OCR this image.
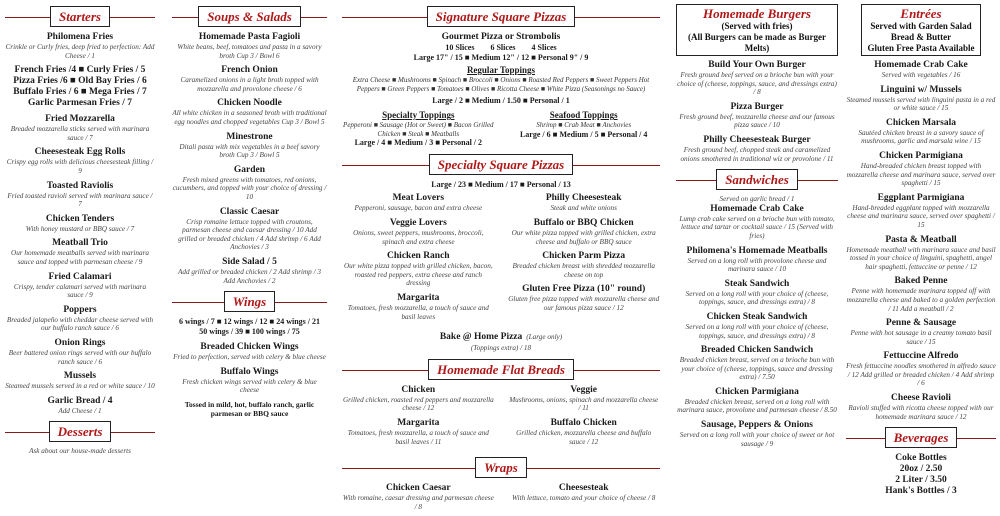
Starters
Philomena Fries
Crinkle or Curly fries, deep fried to perfection: Add Cheese / 1
French Fries /4 ■ Curly Fries / 5
Pizza Fries /6 ■ Old Bay Fries / 6
Buffalo Fries / 6 ■ Mega Fries / 7
Garlic Parmesan Fries / 7
Fried Mozzarella
Breaded mozzarella sticks served with marinara sauce / 7
Cheesesteak Egg Rolls
Crispy egg rolls with delicious cheesesteak filling / 9
Toasted Raviolis
Fried toasted ravioli served with marinara sauce / 7
Chicken Tenders
With honey mustard or BBQ sauce / 7
Meatball Trio
Our homemade meatballs served with marinara sauce and topped with parmesan cheese / 9
Fried Calamari
Crispy, tender calamari served with marinara sauce / 9
Poppers
Breaded jalapeño with cheddar cheese served with our buffalo ranch sauce / 6
Onion Rings
Beer battered onion rings served with our buffalo ranch sauce / 6
Mussels
Steamed mussels served in a red or white sauce / 10
Garlic Bread / 4
Add Cheese / 1
Desserts
Ask about our house-made desserts
Soups & Salads
Homemade Pasta Fagioli
White beans, beef, tomatoes and pasta in a savory broth Cup 3 / Bowl 6
French Onion
Caramelized onions in a light broth topped with mozzarella and provolone cheese / 6
Chicken Noodle
All white chicken in a seasoned broth with traditional egg noodles and chopped vegetables Cup 3 / Bowl 5
Minestrone
Ditali pasta with mix vegetables in a beef savory broth Cup 3 / Bowl 5
Garden
Fresh mixed greens with tomatoes, red onions, cucumbers, and topped with your choice of dressing / 10
Classic Caesar
Crisp romaine lettuce topped with croutons, parmesan cheese and caesar dressing / 10 Add grilled or breaded chicken / 4 Add shrimp / 6 Add Anchovies / 3
Side Salad / 5
Add grilled or breaded chicken / 2 Add shrimp / 3 Add Anchovies / 2
Wings
6 wings / 7 ■ 12 wings / 12 ■ 24 wings / 21
50 wings / 39 ■ 100 wings / 75
Breaded Chicken Wings
Fried to perfection, served with celery & blue cheese
Buffalo Wings
Fresh chicken wings served with celery & blue cheese
Tossed in mild, hot, buffalo ranch, garlic parmesan or BBQ sauce
Signature Square Pizzas
Gourmet Pizza or Strombolis
10 Slices        6 Slices        4 Slices
Large 17" / 15 ■ Medium 12" / 12 ■ Personal 9" / 9
Regular Toppings
Extra Cheese ■ Mushrooms ■ Spinach ■ Broccoli ■ Onions ■ Roasted Red Peppers ■ Sweet Peppers Hot Peppers ■ Green Peppers ■ Tomatoes ■ Olives ■ Ricotta Cheese ■ White Pizza (Seasonings no Sauce)
Large / 2 ■ Medium / 1.50 ■ Personal / 1
Specialty Toppings
Pepperoni ■ Sausage (Hot or Sweet) ■ Bacon Grilled Chicken ■ Steak ■ Meatballs
Large / 4 ■ Medium / 3 ■ Personal / 2
Seafood Toppings
Shrimp ■ Crab Meat ■ Anchovies
Large / 6 ■ Medium / 5 ■ Personal / 4
Specialty Square Pizzas
Large / 23 ■ Medium / 17 ■ Personal / 13
Meat Lovers
Pepperoni, sausage, bacon and extra cheese
Veggie Lovers
Onions, sweet peppers, mushrooms, broccoli, spinach and extra cheese
Chicken Ranch
Our white pizza topped with grilled chicken, bacon, roasted red peppers, extra cheese and ranch dressing
Margarita
Tomatoes, fresh mozzarella, a touch of sauce and basil leaves
Philly Cheesesteak
Steak and white onions
Buffalo or BBQ Chicken
Our white pizza topped with grilled chicken, extra cheese and buffalo or BBQ sauce
Chicken Parm Pizza
Breaded chicken breast with shredded mozzarella cheese on top
Gluten Free Pizza (10" round)
Gluten free pizza topped with mozzarella cheese and our famous pizza sauce / 12
Bake @ Home Pizza (Large only)
(Toppings extra) / 18
Homemade Flat Breads
Chicken
Grilled chicken, roasted red peppers and mozzarella cheese / 12
Margarita
Tomatoes, fresh mozzarella, a touch of sauce and basil leaves / 11
Veggie
Mushrooms, onions, spinach and mozzarella cheese / 11
Buffalo Chicken
Grilled chicken, mozzarella cheese and buffalo sauce / 12
Wraps
Chicken Caesar
With romaine, caesar dressing and parmesan cheese / 8
Cheesesteak
With lettuce, tomato and your choice of cheese / 8
Homemade Burgers
(Served with fries)
(All Burgers can be made as Burger Melts)
Build Your Own Burger
Fresh ground beef served on a brioche bun with your choice of (cheese, toppings, sauce, and dressings extra) / 8
Pizza Burger
Fresh ground beef, mozzarella cheese and our famous pizza sauce / 10
Philly Cheesesteak Burger
Fresh ground beef, chopped steak and caramelized onions smothered in traditional wiz or provolone / 11
Sandwiches
Served on garlic bread / 1
Homemade Crab Cake
Lump crab cake served on a brioche bun with tomato, lettuce and tartar or cocktail sauce / 15 (Served with fries)
Philomena's Homemade Meatballs
Served on a long roll with provolone cheese and marinara sauce / 10
Steak Sandwich
Served on a long roll with your choice of (cheese, toppings, sauce, and dressings extra) / 8
Chicken Steak Sandwich
Served on a long roll with your choice of (cheese, toppings, sauce, and dressings extra) / 8
Breaded Chicken Sandwich
Breaded chicken breast, served on a brioche bun with your choice of (cheese, toppings, sauce and dressing extra) / 7.50
Chicken Parmigiana
Breaded chicken breast, served on a long roll with marinara sauce, provolone and parmesan cheese / 8.50
Sausage, Peppers & Onions
Served on a long roll with your choice of sweet or hot sausage / 9
Entrées
Served with Garden Salad
Bread & Butter
Gluten Free Pasta Available
Homemade Crab Cake
Served with vegetables / 16
Linguini w/ Mussels
Steamed mussels served with linguini pasta in a red or white sauce / 15
Chicken Marsala
Sautéed chicken breast in a savory sauce of mushrooms, garlic and marsala wine / 15
Chicken Parmigiana
Hand-breaded chicken breast topped with mozzarella cheese and marinara sauce, served over spaghetti / 15
Eggplant Parmigiana
Hand-breaded eggplant topped with mozzarella cheese and marinara sauce, served over spaghetti / 15
Pasta & Meatball
Homemade meatball with marinara sauce and basil tossed in your choice of linguini, spaghetti, angel hair spaghetti, fettuccine or penne / 12
Baked Penne
Penne with homemade marinara topped off with mozzarella cheese and baked to a golden perfection / 11 Add a meatball / 2
Penne & Sausage
Penne with hot sausage in a creamy tomato basil sauce / 15
Fettuccine Alfredo
Fresh fettuccine noodles smothered in alfredo sauce / 12 Add grilled or breaded chicken / 4 Add shrimp / 6
Cheese Ravioli
Ravioli stuffed with ricotta cheese topped with our homemade marinara sauce / 12
Beverages
Coke Bottles
20oz / 2.50
2 Liter / 3.50
Hank's Bottles / 3
